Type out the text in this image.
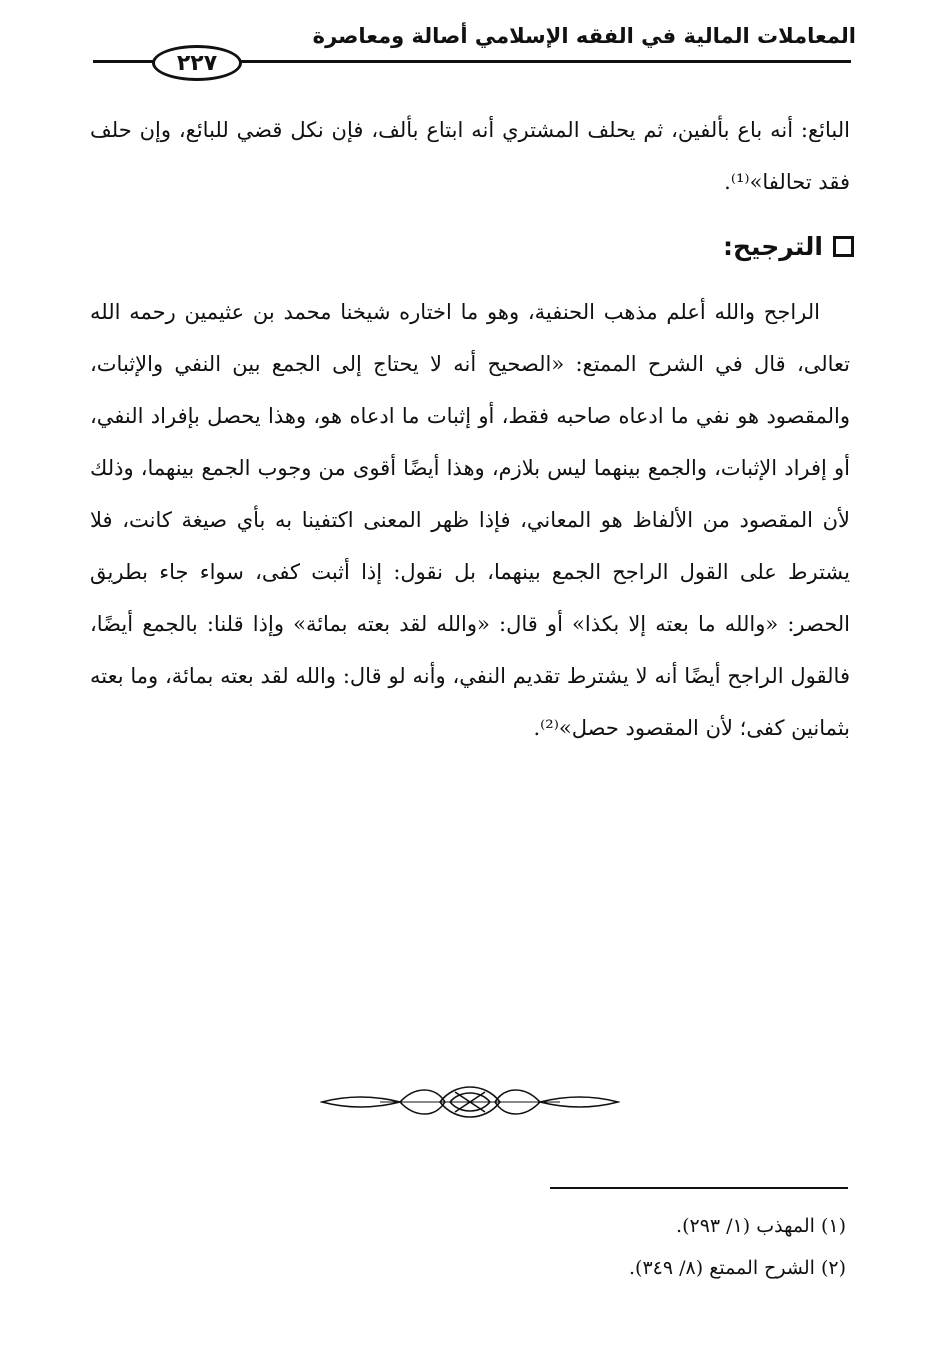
المعاملات المالية في الفقه الإسلامي أصالة ومعاصرة
٢٢٧

البائع: أنه باع بألفين، ثم يحلف المشتري أنه ابتاع بألف، فإن نكل قضي للبائع، وإن حلف فقد تحالفا»⁽¹⁾.

الترجيح:

الراجح والله أعلم مذهب الحنفية، وهو ما اختاره شيخنا محمد بن عثيمين رحمه الله تعالى، قال في الشرح الممتع: «الصحيح أنه لا يحتاج إلى الجمع بين النفي والإثبات، والمقصود هو نفي ما ادعاه صاحبه فقط، أو إثبات ما ادعاه هو، وهذا يحصل بإفراد النفي، أو إفراد الإثبات، والجمع بينهما ليس بلازم، وهذا أيضًا أقوى من وجوب الجمع بينهما، وذلك لأن المقصود من الألفاظ هو المعاني، فإذا ظهر المعنى اكتفينا به بأي صيغة كانت، فلا يشترط على القول الراجح الجمع بينهما، بل نقول: إذا أثبت كفى، سواء جاء بطريق الحصر: «والله ما بعته إلا بكذا» أو قال: «والله لقد بعته بمائة» وإذا قلنا: بالجمع أيضًا، فالقول الراجح أيضًا أنه لا يشترط تقديم النفي، وأنه لو قال: والله لقد بعته بمائة، وما بعته بثمانين كفى؛ لأن المقصود حصل»⁽²⁾.

(١) المهذب (١/ ٢٩٣).
(٢) الشرح الممتع (٨/ ٣٤٩).
